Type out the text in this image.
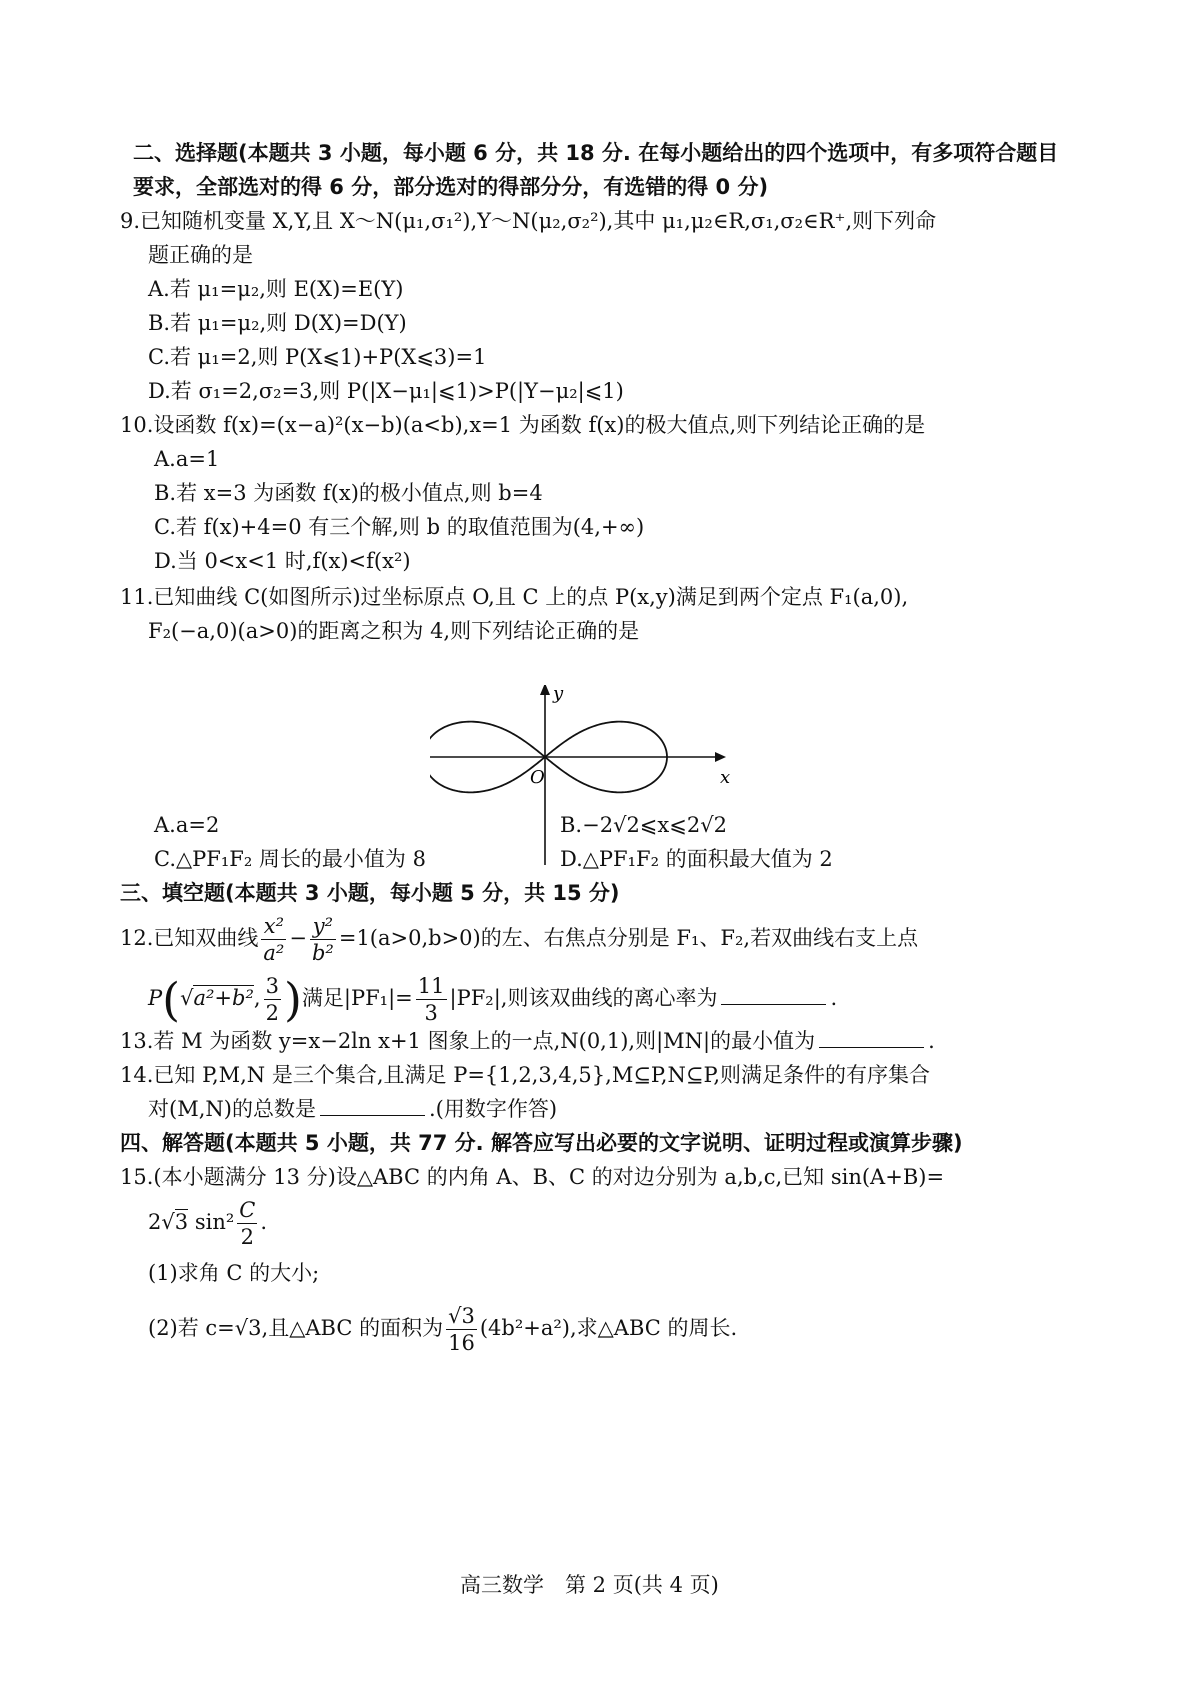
二、选择题(本题共 3 小题，每小题 6 分，共 18 分. 在每小题给出的四个选项中，有多项符合题目
要求，全部选对的得 6 分，部分选对的得部分分，有选错的得 0 分)
9.已知随机变量 X,Y,且 X～N(μ₁,σ₁²),Y～N(μ₂,σ₂²),其中 μ₁,μ₂∈R,σ₁,σ₂∈R⁺,则下列命
题正确的是
A.若 μ₁=μ₂,则 E(X)=E(Y)
B.若 μ₁=μ₂,则 D(X)=D(Y)
C.若 μ₁=2,则 P(X⩽1)+P(X⩽3)=1
D.若 σ₁=2,σ₂=3,则 P(|X−μ₁|⩽1)>P(|Y−μ₂|⩽1)
10.设函数 f(x)=(x−a)²(x−b)(a<b),x=1 为函数 f(x)的极大值点,则下列结论正确的是
A.a=1
B.若 x=3 为函数 f(x)的极小值点,则 b=4
C.若 f(x)+4=0 有三个解,则 b 的取值范围为(4,+∞)
D.当 0<x<1 时,f(x)<f(x²)
11.已知曲线 C(如图所示)过坐标原点 O,且 C 上的点 P(x,y)满足到两个定点 F₁(a,0),
F₂(−a,0)(a>0)的距离之积为 4,则下列结论正确的是
y
x
O
A.a=2	B.−2√2⩽x⩽2√2
C.△PF₁F₂ 周长的最小值为 8	D.△PF₁F₂ 的面积最大值为 2
三、填空题(本题共 3 小题，每小题 5 分，共 15 分)
12.已知双曲线 $\frac{\text{x²}}{\text{a²}} - \frac{\text{y²}}{\text{b²}} =1(a>0,b>0)$的左、右焦点分别是 F₁、F₂,若双曲线右支上点
P(√a²+b², $\frac{3}{2}$ )满足$|PF_1|= \frac{11}{3} |PF_2|$,则该双曲线的离心率为	.
13.若 M 为函数 y=x−2ln x+1 图象上的一点,N(0,1),则|MN|的最小值为	.
14.已知 P,M,N 是三个集合,且满足 P={1,2,3,4,5},M⊆P,N⊆P,则满足条件的有序集合
对(M,N)的总数是	.(用数字作答)
四、解答题(本题共 5 小题，共 77 分. 解答应写出必要的文字说明、证明过程或演算步骤)
15.(本小题满分 13 分)设△ABC 的内角 A、B、C 的对边分别为 a,b,c,已知 sin(A+B)=
2√3 $\sin^2 \frac{C}{2}$ .
(1)求角 C 的大小;
(2)若 c=√3,且△ABC 的面积为 $\frac{√3}{16} (4b^2+a^2)$,求△ABC 的周长.
高三数学　第 2 页(共 4 页)
